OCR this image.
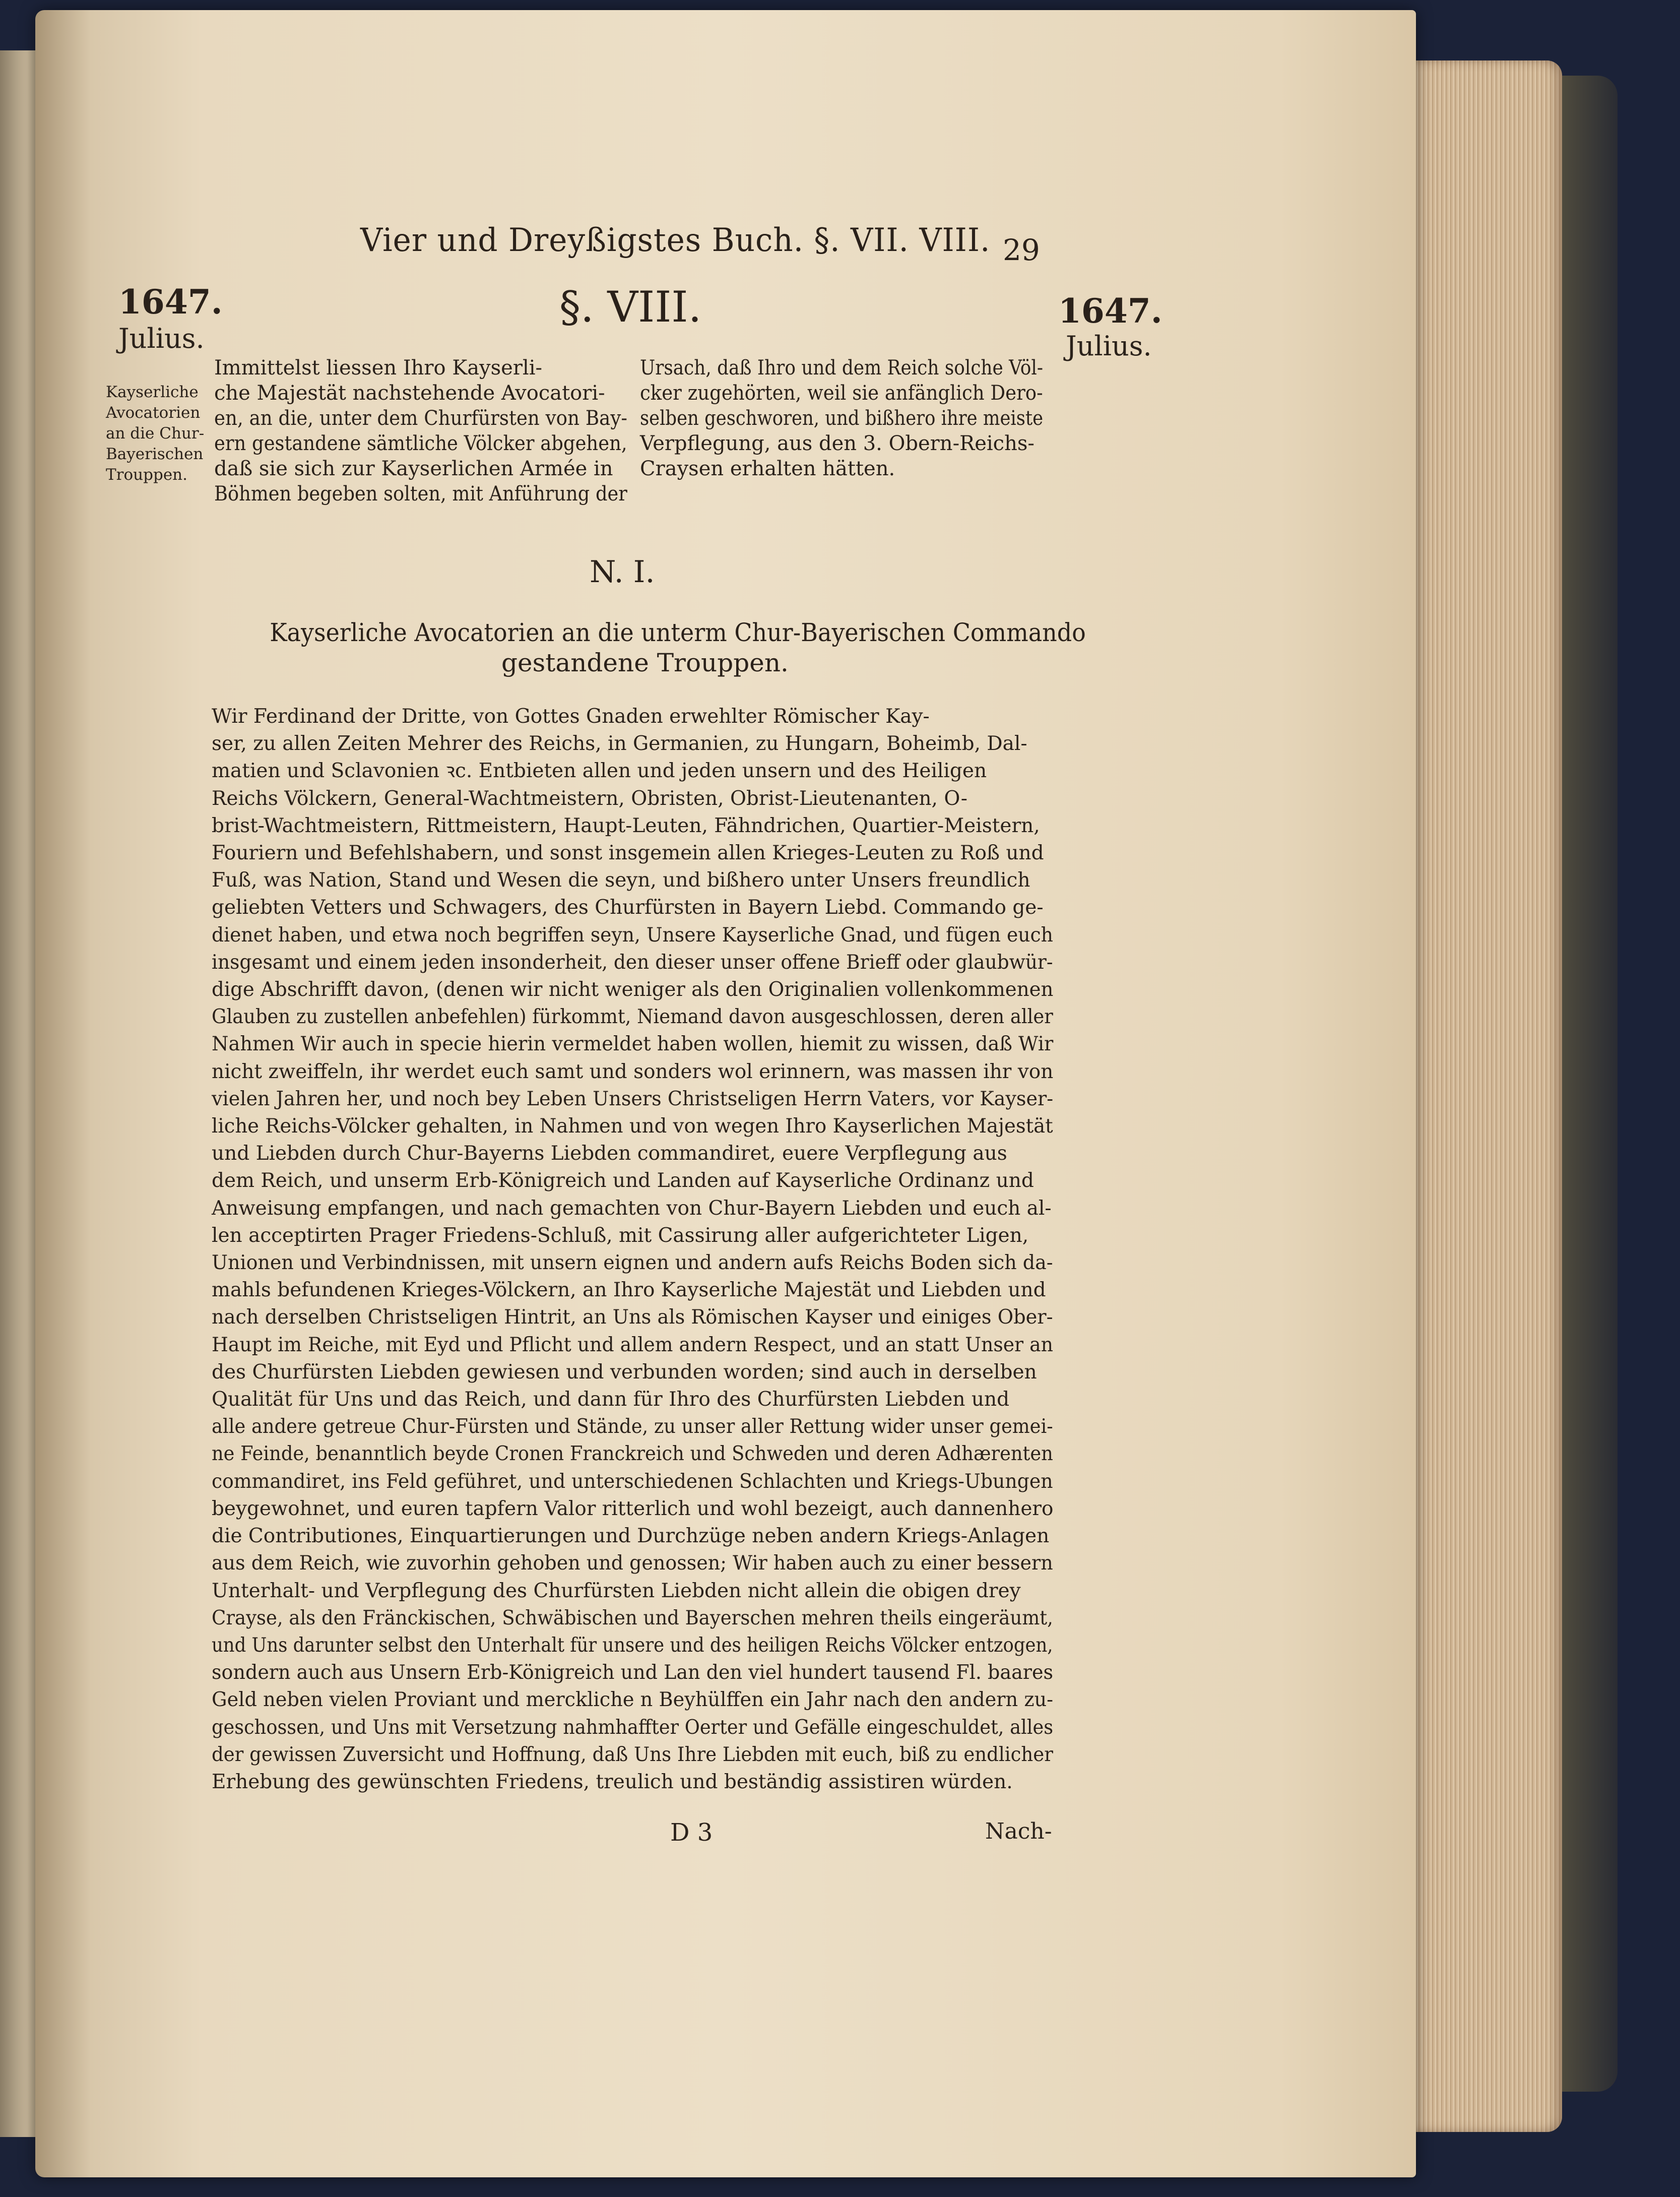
Vier und Dreyßigstes Buch. §. VII. VIII. 29
1647.
Julius.
1647.
Julius.
§. VIII.
Kayserliche
Avocatorien
an die Chur-
Bayerischen
Trouppen.
Immittelst liessen Ihro Kayserli-
che Majestät nachstehende Avocatori-
en, an die, unter dem Churfürsten von Bay-
ern gestandene sämtliche Völcker abgehen,
daß sie sich zur Kayserlichen Armée in
Böhmen begeben solten, mit Anführung der
Ursach, daß Ihro und dem Reich solche Völ-
cker zugehörten, weil sie anfänglich Dero-
selben geschworen, und bißhero ihre meiste
Verpflegung, aus den 3. Obern-Reichs-
Craysen erhalten hätten.
N. I.
Kayserliche Avocatorien an die unterm Chur-Bayerischen Commando
gestandene Trouppen.
Wir Ferdinand der Dritte, von Gottes Gnaden erwehlter Römischer Kay-
ser, zu allen Zeiten Mehrer des Reichs, in Germanien, zu Hungarn, Boheimb, Dal-
matien und Sclavonien ꝛc. Entbieten allen und jeden unsern und des Heiligen
Reichs Völckern, General-Wachtmeistern, Obristen, Obrist-Lieutenanten, O-
brist-Wachtmeistern, Rittmeistern, Haupt-Leuten, Fähndrichen, Quartier-Meistern,
Fouriern und Befehlshabern, und sonst insgemein allen Krieges-Leuten zu Roß und
Fuß, was Nation, Stand und Wesen die seyn, und bißhero unter Unsers freundlich
geliebten Vetters und Schwagers, des Churfürsten in Bayern Liebd. Commando ge-
dienet haben, und etwa noch begriffen seyn, Unsere Kayserliche Gnad, und fügen euch
insgesamt und einem jeden insonderheit, den dieser unser offene Brieff oder glaubwür-
dige Abschrifft davon, (denen wir nicht weniger als den Originalien vollenkommenen
Glauben zu zustellen anbefehlen) fürkommt, Niemand davon ausgeschlossen, deren aller
Nahmen Wir auch in specie hierin vermeldet haben wollen, hiemit zu wissen, daß Wir
nicht zweiffeln, ihr werdet euch samt und sonders wol erinnern, was massen ihr von
vielen Jahren her, und noch bey Leben Unsers Christseligen Herrn Vaters, vor Kayser-
liche Reichs-Völcker gehalten, in Nahmen und von wegen Ihro Kayserlichen Majestät
und Liebden durch Chur-Bayerns Liebden commandiret, euere Verpflegung aus
dem Reich, und unserm Erb-Königreich und Landen auf Kayserliche Ordinanz und
Anweisung empfangen, und nach gemachten von Chur-Bayern Liebden und euch al-
len acceptirten Prager Friedens-Schluß, mit Cassirung aller aufgerichteter Ligen,
Unionen und Verbindnissen, mit unsern eignen und andern aufs Reichs Boden sich da-
mahls befundenen Krieges-Völckern, an Ihro Kayserliche Majestät und Liebden und
nach derselben Christseligen Hintrit, an Uns als Römischen Kayser und einiges Ober-
Haupt im Reiche, mit Eyd und Pflicht und allem andern Respect, und an statt Unser an
des Churfürsten Liebden gewiesen und verbunden worden; sind auch in derselben
Qualität für Uns und das Reich, und dann für Ihro des Churfürsten Liebden und
alle andere getreue Chur-Fürsten und Stände, zu unser aller Rettung wider unser gemei-
ne Feinde, benanntlich beyde Cronen Franckreich und Schweden und deren Adhærenten
commandiret, ins Feld geführet, und unterschiedenen Schlachten und Kriegs-Ubungen
beygewohnet, und euren tapfern Valor ritterlich und wohl bezeigt, auch dannenhero
die Contributiones, Einquartierungen und Durchzüge neben andern Kriegs-Anlagen
aus dem Reich, wie zuvorhin gehoben und genossen; Wir haben auch zu einer bessern
Unterhalt- und Verpflegung des Churfürsten Liebden nicht allein die obigen drey
Crayse, als den Fränckischen, Schwäbischen und Bayerschen mehren theils eingeräumt,
und Uns darunter selbst den Unterhalt für unsere und des heiligen Reichs Völcker entzogen,
sondern auch aus Unsern Erb-Königreich und Lan den viel hundert tausend Fl. baares
Geld neben vielen Proviant und merckliche n Beyhülffen ein Jahr nach den andern zu-
geschossen, und Uns mit Versetzung nahmhaffter Oerter und Gefälle eingeschuldet, alles
der gewissen Zuversicht und Hoffnung, daß Uns Ihre Liebden mit euch, biß zu endlicher
Erhebung des gewünschten Friedens, treulich und beständig assistiren würden.
D 3	Nach-
